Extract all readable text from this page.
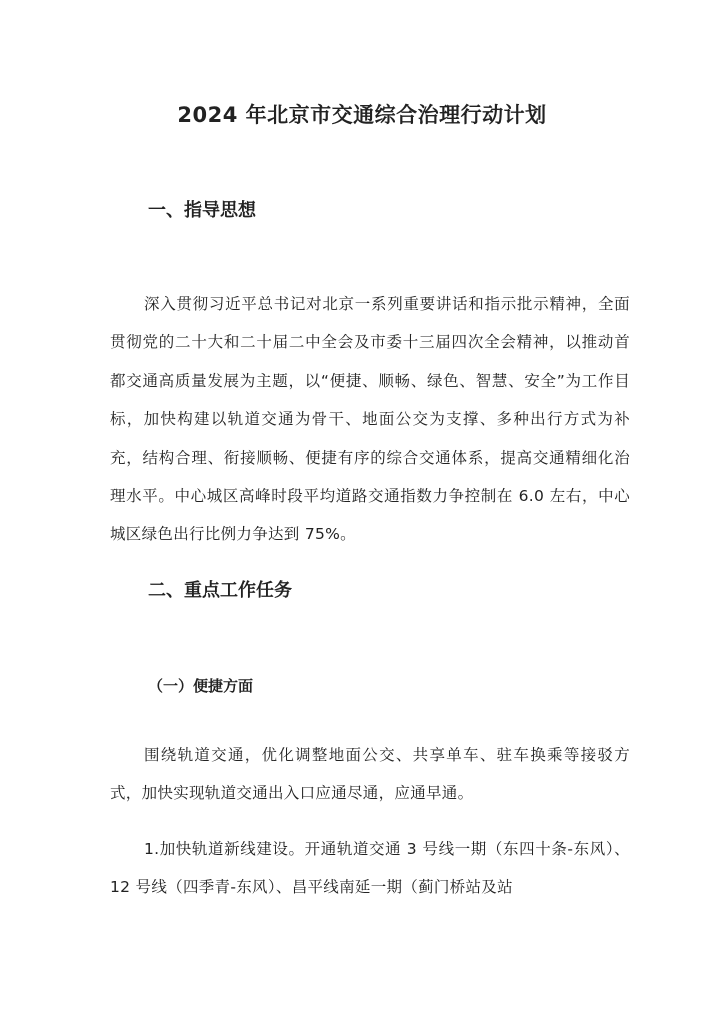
2024 年北京市交通综合治理行动计划
一、指导思想
深入贯彻习近平总书记对北京一系列重要讲话和指示批示精神，全面贯彻党的二十大和二十届二中全会及市委十三届四次全会精神，以推动首都交通高质量发展为主题，以“便捷、顺畅、绿色、智慧、安全”为工作目标，加快构建以轨道交通为骨干、地面公交为支撑、多种出行方式为补充，结构合理、衔接顺畅、便捷有序的综合交通体系，提高交通精细化治理水平。中心城区高峰时段平均道路交通指数力争控制在 6.0 左右，中心城区绿色出行比例力争达到 75%。
二、重点工作任务
（一）便捷方面
围绕轨道交通，优化调整地面公交、共享单车、驻车换乘等接驳方式，加快实现轨道交通出入口应通尽通，应通早通。
1.加快轨道新线建设。开通轨道交通 3 号线一期（东四十条-东风）、12 号线（四季青-东风）、昌平线南延一期（蓟门桥站及站
